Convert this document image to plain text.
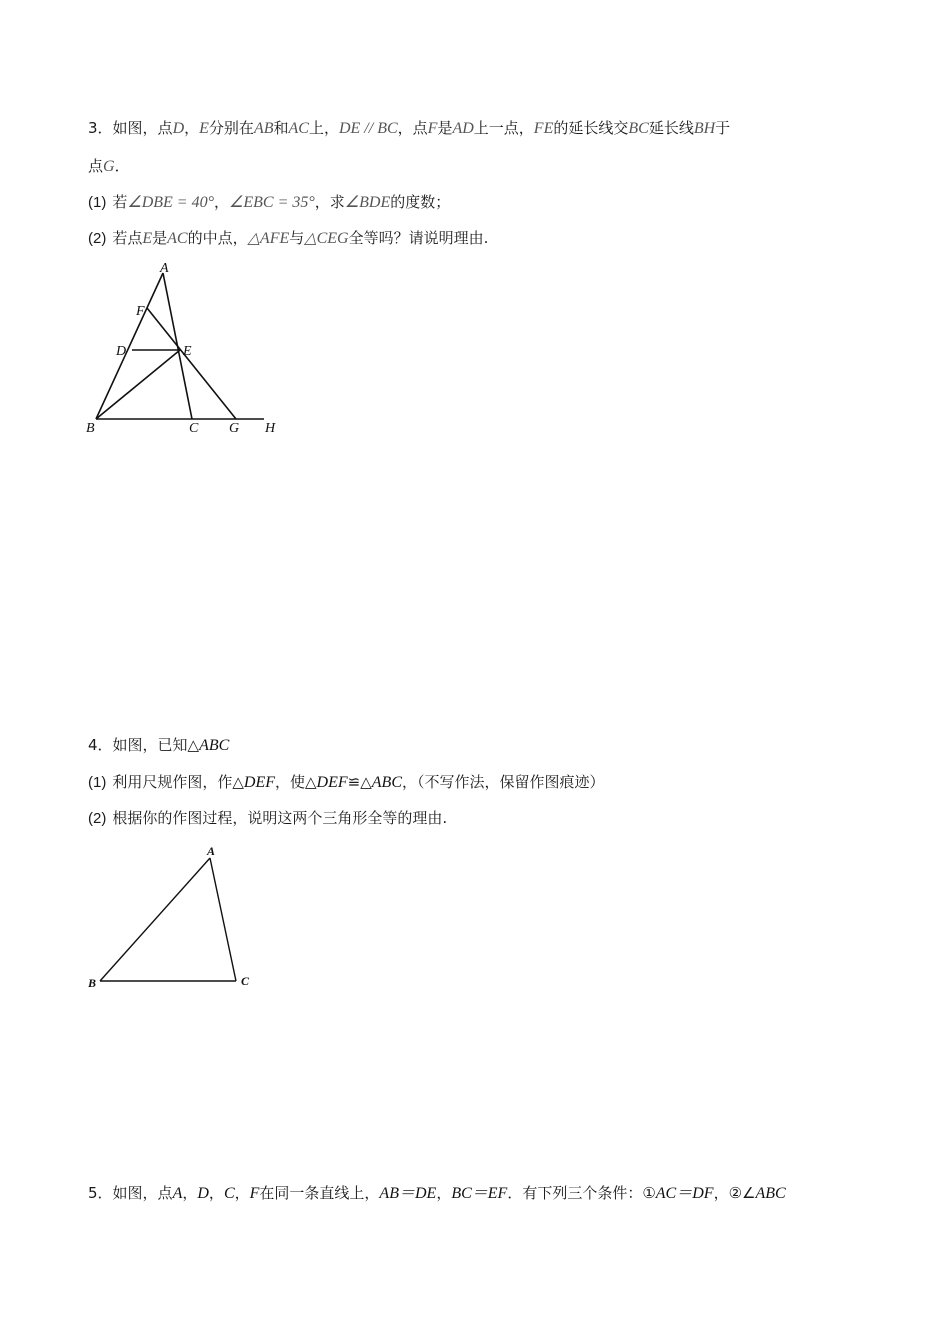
3．如图，点D，E分别在AB和AC上，DE // BC，点F是AD上一点，FE的延长线交BC延长线BH于
点G．
(1) 若∠DBE = 40°，∠EBC = 35°，求∠BDE的度数；
(2) 若点E是AC的中点，△AFE与△CEG全等吗？请说明理由.
A
F
D	E
B	C G H
A
B	C
4．如图，已知△ABC
(1) 利用尺规作图，作△DEF，使△DEF≌△ABC，（不写作法，保留作图痕迹）
(2) 根据你的作图过程，说明这两个三角形全等的理由.
5．如图，点A，D，C，F在同一条直线上，AB＝DE，BC＝EF．有下列三个条件：①AC＝DF，②∠ABC
